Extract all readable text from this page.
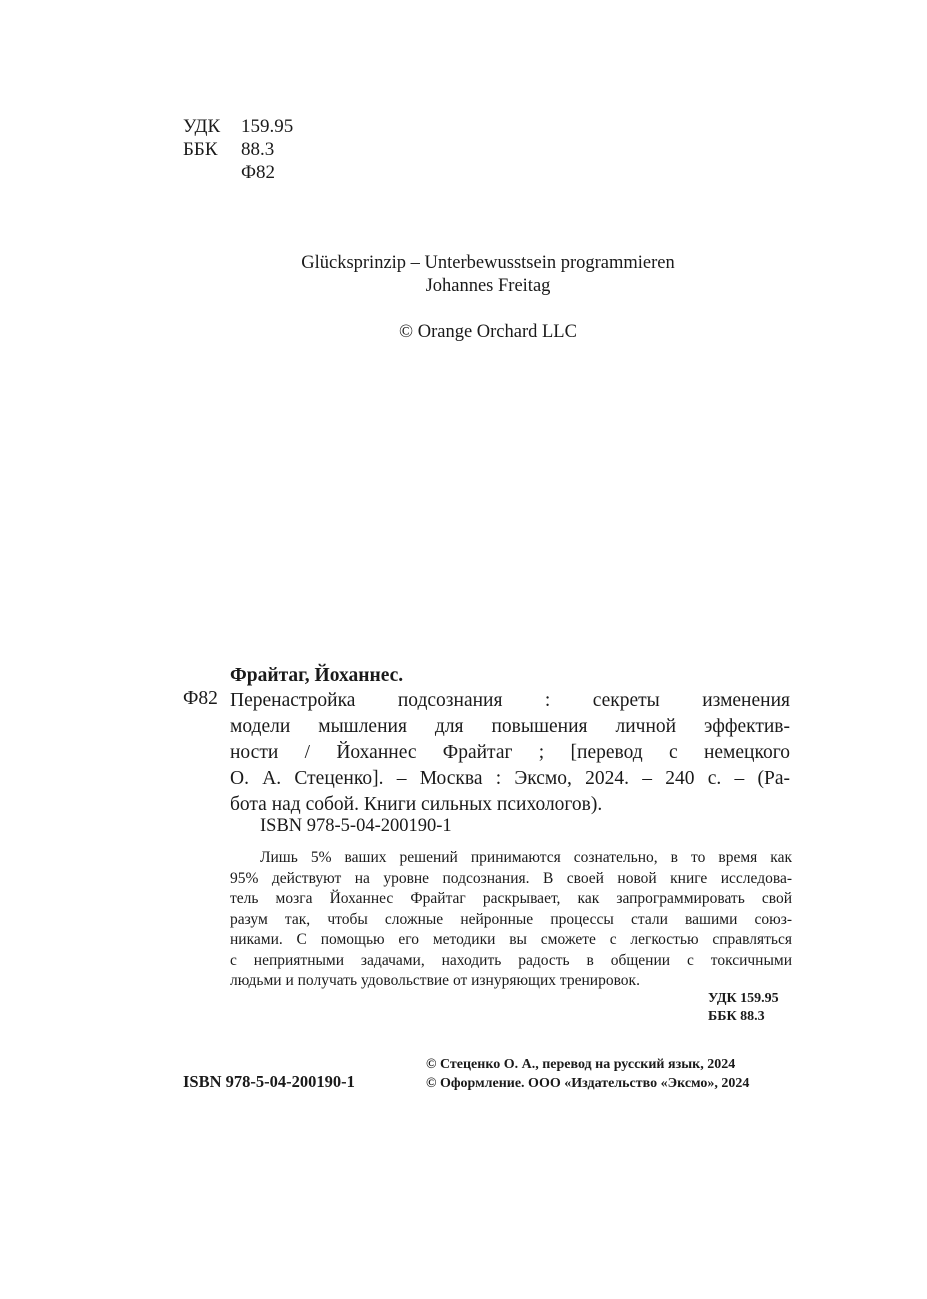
УДК 159.95
ББК 88.3
Ф82
Glücksprinzip – Unterbewusstsein programmieren
Johannes Freitag
© Orange Orchard LLC
Фрайтаг, Йоханнес.
Ф82 Перенастройка подсознания : секреты изменения
модели мышления для повышения личной эффектив-
ности / Йоханнес Фрайтаг ; [перевод с немецкого
О. А. Стеценко]. – Москва : Эксмо, 2024. – 240 с. – (Ра-
бота над собой. Книги сильных психологов).
ISBN 978-5-04-200190-1
Лишь 5% ваших решений принимаются сознательно, в то время как
95% действуют на уровне подсознания. В своей новой книге исследова-
тель мозга Йоханнес Фрайтаг раскрывает, как запрограммировать свой
разум так, чтобы сложные нейронные процессы стали вашими союз-
никами. С помощью его методики вы сможете с легкостью справляться
с неприятными задачами, находить радость в общении с токсичными
людьми и получать удовольствие от изнуряющих тренировок.
УДК 159.95
ББК 88.3
ISBN 978-5-04-200190-1
© Стеценко О. А., перевод на русский язык, 2024
© Оформление. ООО «Издательство «Эксмо», 2024
